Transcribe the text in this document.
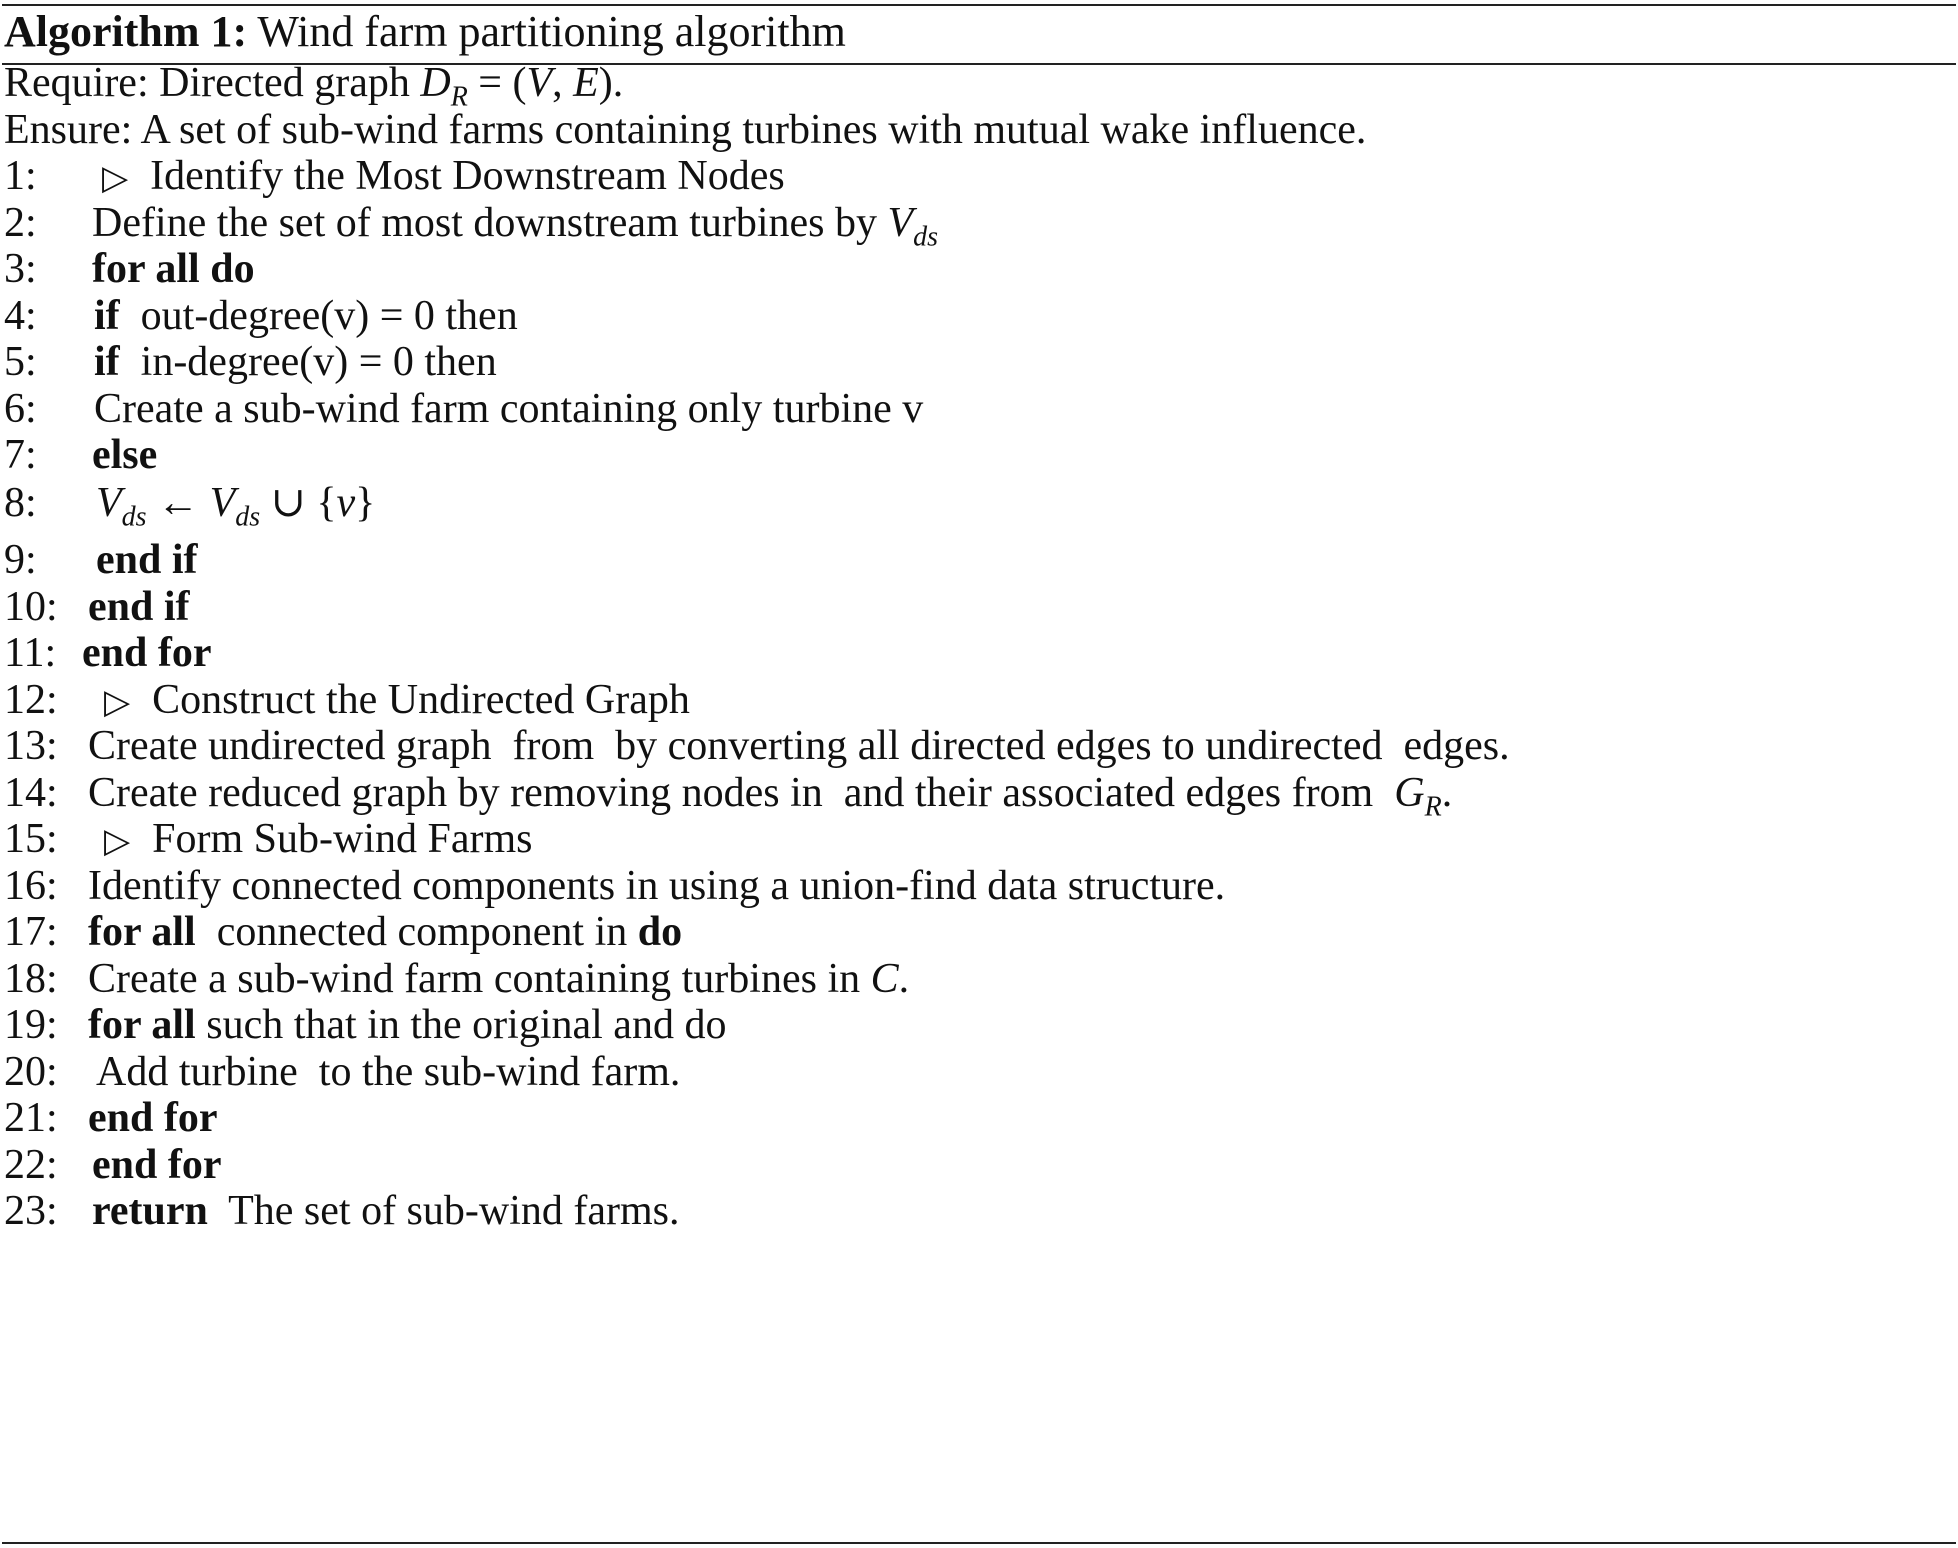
Algorithm 1: Wind farm partitioning algorithm
Require: Directed graph $D_R = (V$, E).
Ensure: A set of sub-wind farms containing turbines with mutual wake influence.
1: ▷ Identify the Most Downstream Nodes
2: Define the set of most downstream turbines by $V_{ds}$
3: for all do
4: if  out-degree(v) = 0 then
5: if  in-degree(v) = 0 then
6: Create a sub-wind farm containing only turbine v
7: else
8: $V_{ds}$ ← $V_{ds}$ ∪ {v}
9: end if
10: end if
11: end for
12: ▷ Construct the Undirected Graph
13: Create undirected graph  from  by converting all directed edges to undirected  edges.
14: Create reduced graph by removing nodes in  and their associated edges from  $G_R$.
15: ▷ Form Sub-wind Farms
16: Identify connected components in using a union-find data structure.
17: for all  connected component in do
18: Create a sub-wind farm containing turbines in C.
19: for all such that in the original and do
20: Add turbine  to the sub-wind farm.
21: end for
22: end for
23: return  The set of sub-wind farms.
